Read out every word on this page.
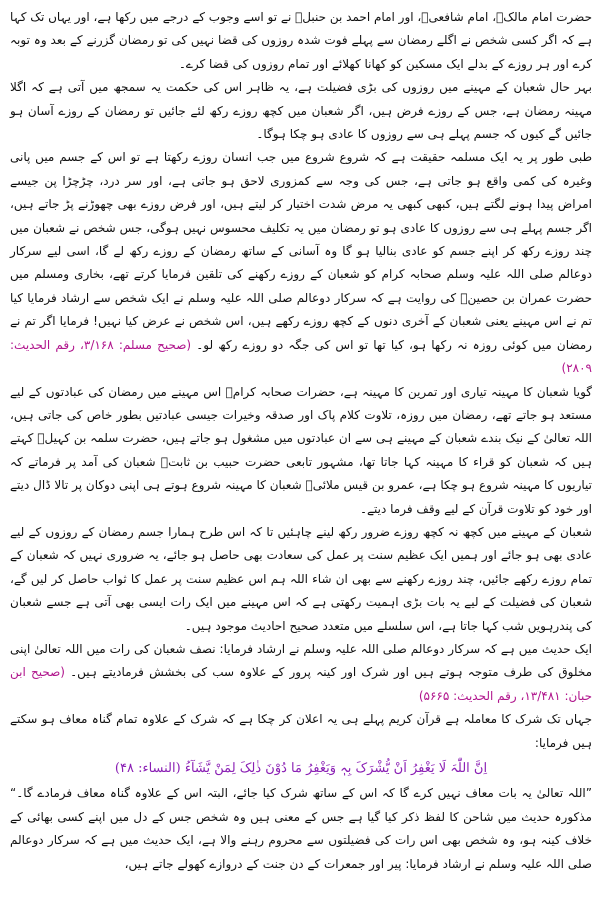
حضرت امام مالکؒ، امام شافعیؒ، اور امام احمد بن حنبلؒ نے تو اسے وجوب کے درجے میں رکھا ہے، اور یہاں تک کہا ہے کہ اگر کسی شخص نے اگلے رمضان سے پہلے فوت شدہ روزوں کی قضا نہیں کی تو رمضان گزرنے کے بعد وہ توبہ کرے اور ہر روزے کے بدلے ایک مسکین کو کھانا کھلائے اور تمام روزوں کی قضا کرے۔

بہر حال شعبان کے مہینے میں روزوں کی بڑی فضیلت ہے، یہ ظاہر اس کی حکمت یہ سمجھ میں آتی ہے کہ اگلا مہینہ رمضان ہے، جس کے روزے فرض ہیں، اگر شعبان میں کچھ روزے رکھ لئے جائیں تو رمضان کے روزے آسان ہو جائیں گے کیوں کہ جسم پہلے ہی سے روزوں کا عادی ہو چکا ہوگا۔

طبی طور پر یہ ایک مسلمہ حقیقت ہے کہ شروع شروع میں جب انسان روزے رکھتا ہے تو اس کے جسم میں پانی وغیرہ کی کمی واقع ہو جاتی ہے، جس کی وجہ سے کمزوری لاحق ہو جاتی ہے، اور سر درد، چڑچڑا پن جیسے امراض پیدا ہونے لگتے ہیں، کبھی کبھی یہ مرض شدت اختیار کر لیتے ہیں، اور فرض روزے بھی چھوڑنے پڑ جاتے ہیں، اگر جسم پہلے ہی سے روزوں کا عادی ہو تو رمضان میں یہ تکلیف محسوس نہیں ہوگی، جس شخص نے شعبان میں چند روزے رکھ کر اپنے جسم کو عادی بنالیا ہو گا وہ آسانی کے ساتھ رمضان کے روزے رکھ لے گا، اسی لیے سرکار دوعالم صلی اللہ علیہ وسلم صحابہ کرام کو شعبان کے روزے رکھنے کی تلقین فرمایا کرتے تھے، بخاری ومسلم میں حضرت عمران بن حصینؓ کی روایت ہے کہ سرکار دوعالم صلی اللہ علیہ وسلم نے ایک شخص سے ارشاد فرمایا کیا تم نے اس مہینے یعنی شعبان کے آخری دنوں کے کچھ روزے رکھے ہیں، اس شخص نے عرض کیا نہیں! فرمایا اگر تم نے رمضان میں کوئی روزہ نہ رکھا ہو، کیا تھا تو اس کی جگہ دو روزے رکھ لو۔ (صحیح مسلم: ۳/۱۶۸، رقم الحدیث: ۲۸۰۹)

گویا شعبان کا مہینہ تیاری اور تمرین کا مہینہ ہے، حضرات صحابہ کرامؓ اس مہینے میں رمضان کی عبادتوں کے لیے مستعد ہو جاتے تھے، رمضان میں روزہ، تلاوت کلام پاک اور صدقہ وخیرات جیسی عبادتیں بطور خاص کی جاتی ہیں، اللہ تعالیٰ کے نیک بندے شعبان کے مہینے ہی سے ان عبادتوں میں مشغول ہو جاتے ہیں، حضرت سلمہ بن کہیلؒ کہتے ہیں کہ شعبان کو قراء کا مہینہ کہا جاتا تھا، مشہور تابعی حضرت حبیب بن ثابتؒ شعبان کی آمد پر فرماتے کہ تیاریوں کا مہینہ شروع ہو چکا ہے، عمرو بن قیس ملائیؒ شعبان کا مہینہ شروع ہوتے ہی اپنی دوکان پر تالا ڈال دیتے اور خود کو تلاوت قرآن کے لیے وقف فرما دیتے۔

شعبان کے مہینے میں کچھ نہ کچھ روزے ضرور رکھ لینے چاہئیں تا کہ اس طرح ہمارا جسم رمضان کے روزوں کے لیے عادی بھی ہو جائے اور ہمیں ایک عظیم سنت پر عمل کی سعادت بھی حاصل ہو جائے، یہ ضروری نہیں کہ شعبان کے تمام روزے رکھے جائیں، چند روزے رکھنے سے بھی ان شاء اللہ ہم اس عظیم سنت پر عمل کا ثواب حاصل کر لیں گے، شعبان کی فضیلت کے لیے یہ بات بڑی اہمیت رکھتی ہے کہ اس مہینے میں ایک رات ایسی بھی آتی ہے جسے شعبان کی پندرہویں شب کہا جاتا ہے، اس سلسلے میں متعدد صحیح احادیث موجود ہیں۔

ایک حدیث میں ہے کہ سرکار دوعالم صلی اللہ علیہ وسلم نے ارشاد فرمایا: نصف شعبان کی رات میں اللہ تعالیٰ اپنی مخلوق کی طرف متوجہ ہوتے ہیں اور شرک اور کینہ پرور کے علاوہ سب کی بخشش فرمادیتے ہیں۔ (صحیح ابن حبان: ۱۳/۴۸۱، رقم الحدیث: ۵۶۶۵)

جہاں تک شرک کا معاملہ ہے قرآن کریم پہلے ہی یہ اعلان کر چکا ہے کہ شرک کے علاوہ تمام گناہ معاف ہو سکتے ہیں فرمایا:

اِنَّ اللّٰہَ لَا یَغْفِرُ اَنْ یُّشْرَکَ بِہٖ وَیَغْفِرُ مَا دُوْنَ ذٰلِکَ لِمَنْ یَّشَآءُ (النساء: ۴۸)

”اللہ تعالیٰ یہ بات معاف نہیں کرے گا کہ اس کے ساتھ شرک کیا جائے، البتہ اس کے علاوہ گناہ معاف فرمادے گا۔“ مذکورہ حدیث میں شاحن کا لفظ ذکر کیا گیا ہے جس کے معنی ہیں وہ شخص جس کے دل میں اپنے کسی بھائی کے خلاف کینہ ہو، وہ شخص بھی اس رات کی فضیلتوں سے محروم رہنے والا ہے، ایک حدیث میں ہے کہ سرکار دوعالم صلی اللہ علیہ وسلم نے ارشاد فرمایا: پیر اور جمعرات کے دن جنت کے دروازے کھولے جاتے ہیں،
